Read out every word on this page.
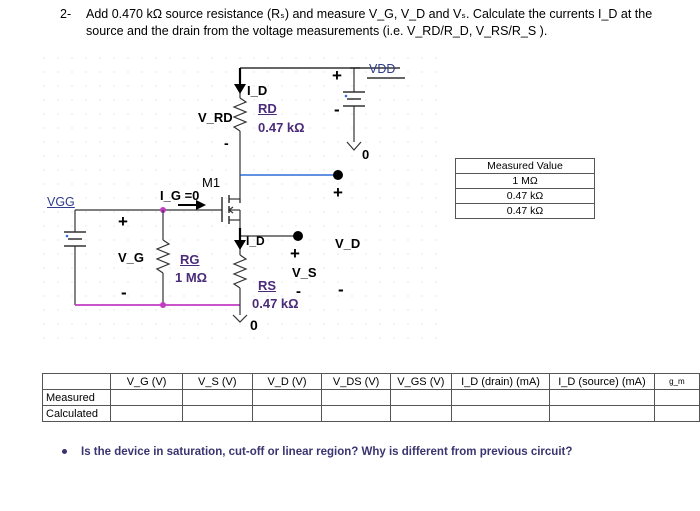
2- Add 0.470 kΩ source resistance (Rₛ) and measure V_G, V_D and Vₛ. Calculate the currents I_D at the
source and the drain from the voltage measurements (i.e. V_RD/R_D, V_RS/R_S ).
VDD
VGG
I_D
V_RD
-
RD
0.47 kΩ
+
-
0
+
V_D
-
M1
I_G =0
I_D
+
V_G
-
RG
1 MΩ
+
V_S
-
RS
0.47 kΩ
0
Measured Value
1 MΩ
0.47 kΩ
0.47 kΩ
	V_G (V)	V_S (V)	V_D (V)	V_DS (V)	V_GS (V)	I_D (drain) (mA)	I_D (source) (mA)	g_m
Measured								
Calculated								
Is the device in saturation, cut-off or linear region? Why is different from previous circuit?
